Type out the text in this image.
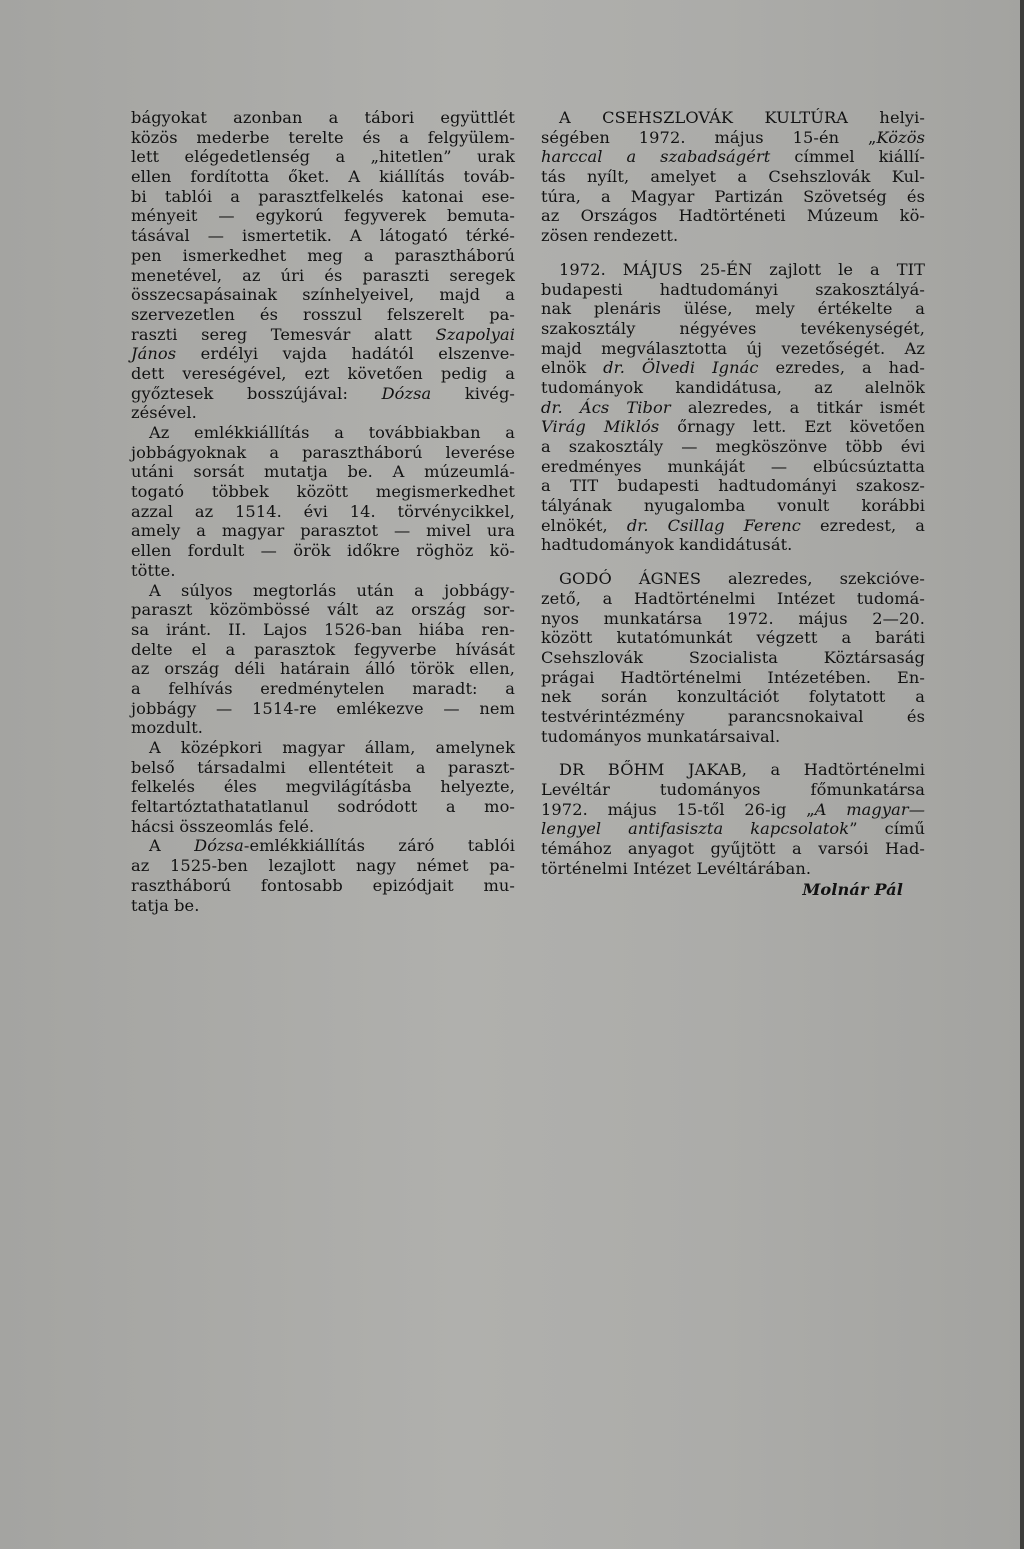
bágyokat azonban a tábori együttlét
közös mederbe terelte és a felgyülem-
lett elégedetlenség a „hitetlen” urak
ellen fordította őket. A kiállítás továb-
bi tablói a parasztfelkelés katonai ese-
ményeit — egykorú fegyverek bemuta-
tásával — ismertetik. A látogató térké-
pen ismerkedhet meg a parasztháború
menetével, az úri és paraszti seregek
összecsapásainak színhelyeivel, majd a
szervezetlen és rosszul felszerelt pa-
raszti sereg Temesvár alatt Szapolyai
János erdélyi vajda hadától elszenve-
dett vereségével, ezt követően pedig a
győztesek bosszújával: Dózsa kivég-
zésével.
Az emlékkiállítás a továbbiakban a
jobbágyoknak a parasztháború leverése
utáni sorsát mutatja be. A múzeumlá-
togató többek között megismerkedhet
azzal az 1514. évi 14. törvénycikkel,
amely a magyar parasztot — mivel ura
ellen fordult — örök időkre röghöz kö-
tötte.
A súlyos megtorlás után a jobbágy-
paraszt közömbössé vált az ország sor-
sa iránt. II. Lajos 1526-ban hiába ren-
delte el a parasztok fegyverbe hívását
az ország déli határain álló török ellen,
a felhívás eredménytelen maradt: a
jobbágy — 1514-re emlékezve — nem
mozdult.
A középkori magyar állam, amelynek
belső társadalmi ellentéteit a paraszt-
felkelés éles megvilágításba helyezte,
feltartóztathatatlanul sodródott a mo-
hácsi összeomlás felé.
A Dózsa-emlékkiállítás záró tablói
az 1525-ben lezajlott nagy német pa-
rasztháború fontosabb epizódjait mu-
tatja be.
A CSEHSZLOVÁK KULTÚRA helyi-
ségében 1972. május 15-én „Közös
harccal a szabadságért címmel kiállí-
tás nyílt, amelyet a Csehszlovák Kul-
túra, a Magyar Partizán Szövetség és
az Országos Hadtörténeti Múzeum kö-
zösen rendezett.
1972. MÁJUS 25-ÉN zajlott le a TIT
budapesti hadtudományi szakosztályá-
nak plenáris ülése, mely értékelte a
szakosztály négyéves tevékenységét,
majd megválasztotta új vezetőségét. Az
elnök dr. Ölvedi Ignác ezredes, a had-
tudományok kandidátusa, az alelnök
dr. Ács Tibor alezredes, a titkár ismét
Virág Miklós őrnagy lett. Ezt követően
a szakosztály — megköszönve több évi
eredményes munkáját — elbúcsúztatta
a TIT budapesti hadtudományi szakosz-
tályának nyugalomba vonult korábbi
elnökét, dr. Csillag Ferenc ezredest, a
hadtudományok kandidátusát.
GODÓ ÁGNES alezredes, szekcióve-
zető, a Hadtörténelmi Intézet tudomá-
nyos munkatársa 1972. május 2—20.
között kutatómunkát végzett a baráti
Csehszlovák Szocialista Köztársaság
prágai Hadtörténelmi Intézetében. En-
nek során konzultációt folytatott a
testvérintézmény parancsnokaival és
tudományos munkatársaival.
DR BŐHM JAKAB, a Hadtörténelmi
Levéltár tudományos főmunkatársa
1972. május 15-től 26-ig „A magyar—
lengyel antifasiszta kapcsolatok” című
témához anyagot gyűjtött a varsói Had-
történelmi Intézet Levéltárában.
Molnár Pál
